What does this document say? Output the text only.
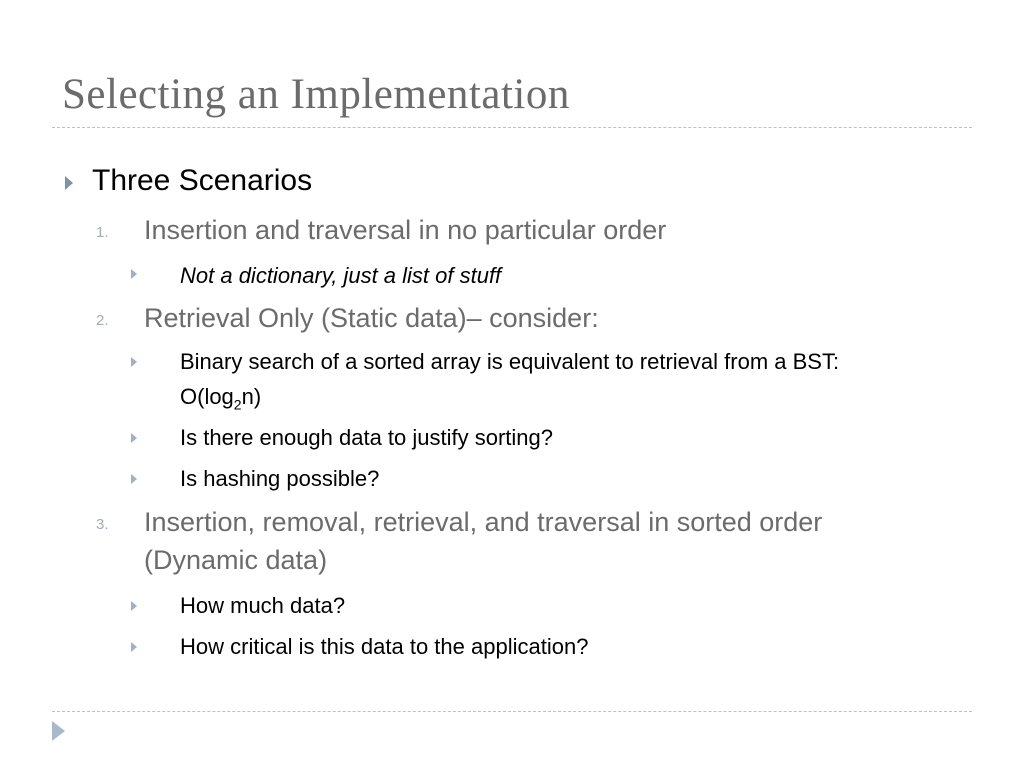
Selecting an Implementation
Three Scenarios
1. Insertion and traversal in no particular order
Not a dictionary, just a list of stuff
2. Retrieval Only (Static data)– consider:
Binary search of a sorted array is equivalent to retrieval from a BST:
$O(\log_2n)$
Is there enough data to justify sorting?
Is hashing possible?
3. Insertion, removal, retrieval, and traversal in sorted order
(Dynamic data)
How much data?
How critical is this data to the application?
